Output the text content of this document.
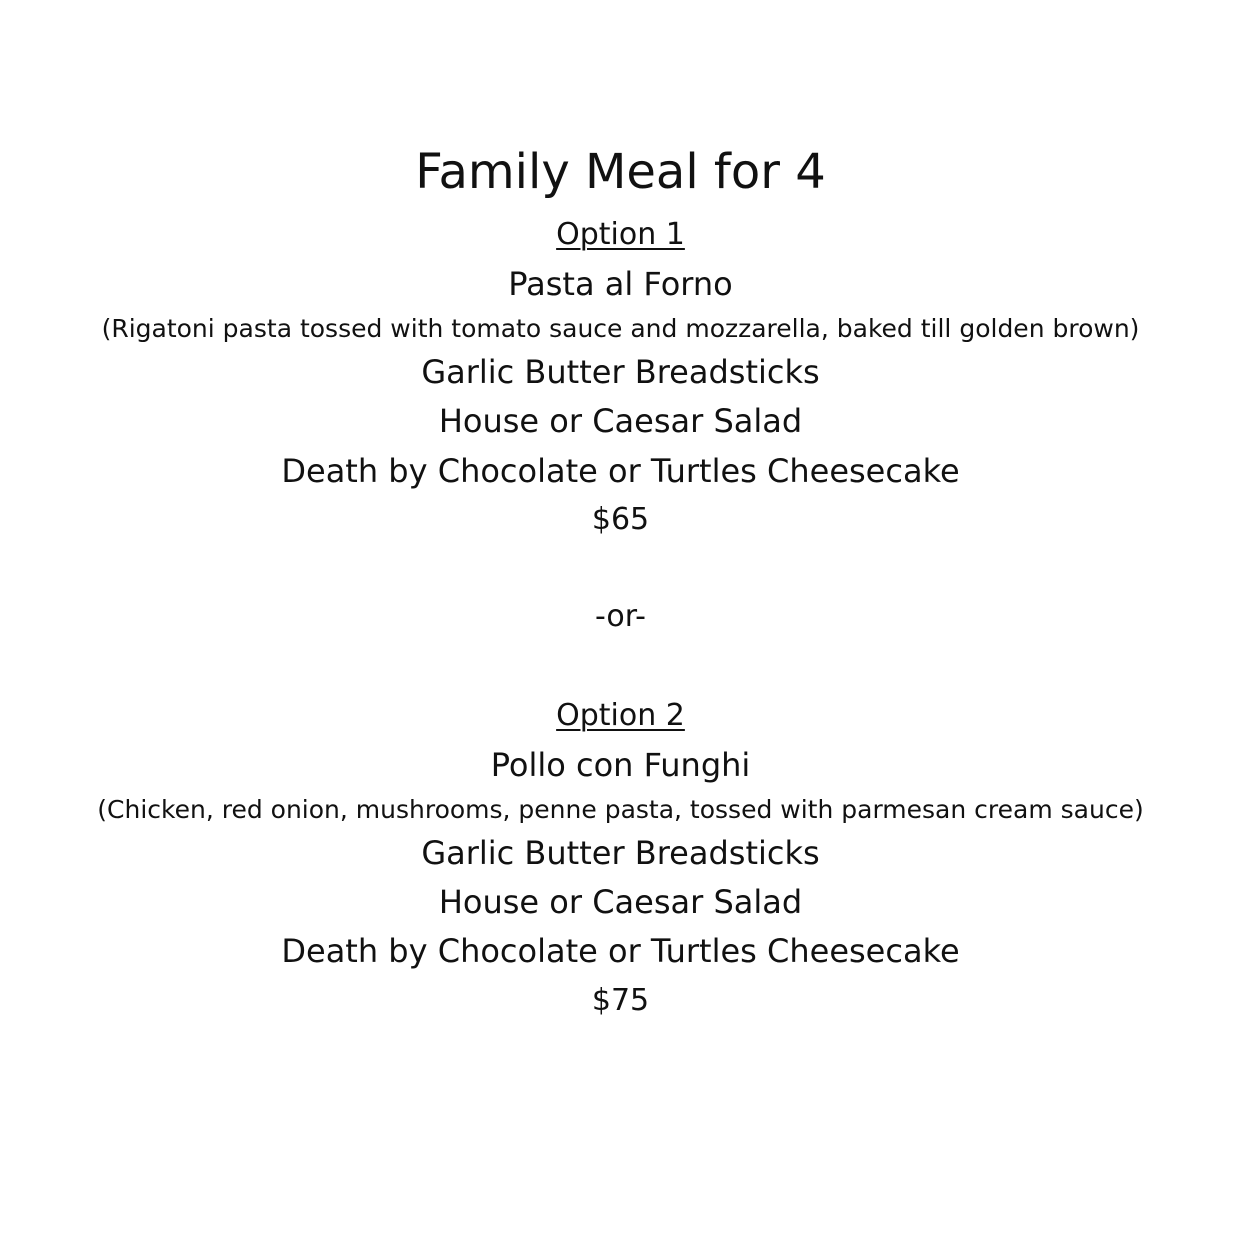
Family Meal for 4
Option 1
Pasta al Forno
(Rigatoni pasta tossed with tomato sauce and mozzarella, baked till golden brown)
Garlic Butter Breadsticks
House or Caesar Salad
Death by Chocolate or Turtles Cheesecake
$65
-or-
Option 2
Pollo con Funghi
(Chicken, red onion, mushrooms, penne pasta, tossed with parmesan cream sauce)
Garlic Butter Breadsticks
House or Caesar Salad
Death by Chocolate or Turtles Cheesecake
$75
